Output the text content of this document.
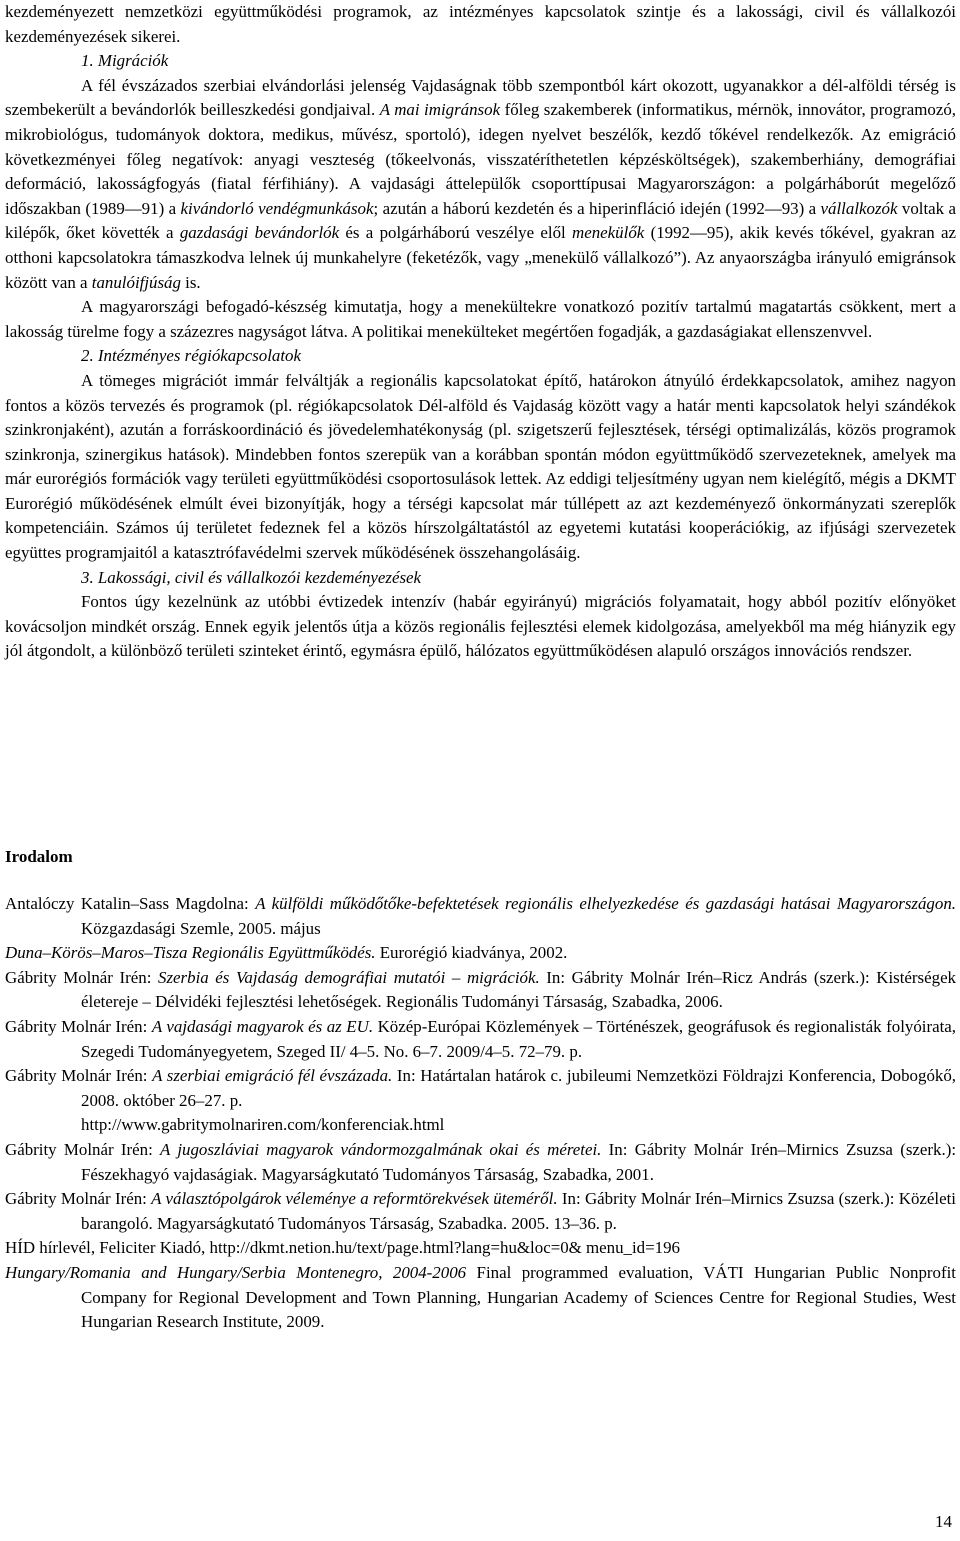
kezdeményezett nemzetközi együttműködési programok, az intézményes kapcsolatok szintje és a lakossági, civil és vállalkozói kezdeményezések sikerei.

1. Migrációk

A fél évszázados szerbiai elvándorlási jelenség Vajdaságnak több szempontból kárt okozott, ugyanakkor a dél-alföldi térség is szembekerült a bevándorlók beilleszkedési gondjaival. A mai imigránsok főleg szakemberek (informatikus, mérnök, innovátor, programozó, mikrobiológus, tudományok doktora, medikus, művész, sportoló), idegen nyelvet beszélők, kezdő tőkével rendelkezők. Az emigráció következményei főleg negatívok: anyagi veszteség (tőkeelvonás, visszatéríthetetlen képzésköltségek), szakemberhiány, demográfiai deformáció, lakosságfogyás (fiatal férfihiány). A vajdasági áttelepülők csoporttípusai Magyarországon: a polgárháborút megelőző időszakban (1989—91) a kivándorló vendégmunkások; azután a háború kezdetén és a hiperinfláció idején (1992—93) a vállalkozók voltak a kilépők, őket követték a gazdasági bevándorlók és a polgárháború veszélye elől menekülők (1992—95), akik kevés tőkével, gyakran az otthoni kapcsolatokra támaszkodva lelnek új munkahelyre (feketézők, vagy „menekülő vállalkozó”). Az anyaországba irányuló emigránsok között van a tanulóifjúság is.

A magyarországi befogadó-készség kimutatja, hogy a menekültekre vonatkozó pozitív tartalmú magatartás csökkent, mert a lakosság türelme fogy a százezres nagyságot látva. A politikai menekülteket megértően fogadják, a gazdaságiakat ellenszenvvel.

2. Intézményes régiókapcsolatok

A tömeges migrációt immár felváltják a regionális kapcsolatokat építő, határokon átnyúló érdekkapcsolatok, amihez nagyon fontos a közös tervezés és programok (pl. régiókapcsolatok Dél-alföld és Vajdaság között vagy a határ menti kapcsolatok helyi szándékok szinkronjaként), azután a forráskoordináció és jövedelemhatékonyság (pl. szigetszerű fejlesztések, térségi optimalizálás, közös programok szinkronja, szinergikus hatások). Mindebben fontos szerepük van a korábban spontán módon együttműködő szervezeteknek, amelyek ma már eurorégiós formációk vagy területi együttműködési csoportosulások lettek. Az eddigi teljesítmény ugyan nem kielégítő, mégis a DKMT Eurorégió működésének elmúlt évei bizonyítják, hogy a térségi kapcsolat már túllépett az azt kezdeményező önkormányzati szereplők kompetenciáin. Számos új területet fedeznek fel a közös hírszolgáltatástól az egyetemi kutatási kooperációkig, az ifjúsági szervezetek együttes programjaitól a katasztrófavédelmi szervek működésének összehangolásáig.

3. Lakossági, civil és vállalkozói kezdeményezések

Fontos úgy kezelnünk az utóbbi évtizedek intenzív (habár egyirányú) migrációs folyamatait, hogy abból pozitív előnyöket kovácsoljon mindkét ország. Ennek egyik jelentős útja a közös regionális fejlesztési elemek kidolgozása, amelyekből ma még hiányzik egy jól átgondolt, a különböző területi szinteket érintő, egymásra épülő, hálózatos együttműködésen alapuló országos innovációs rendszer.

Irodalom

Antalóczy Katalin–Sass Magdolna: A külföldi működőtőke-befektetések regionális elhelyezkedése és gazdasági hatásai Magyarországon. Közgazdasági Szemle, 2005. május

Duna–Körös–Maros–Tisza Regionális Együttműködés. Eurorégió kiadványa, 2002.

Gábrity Molnár Irén: Szerbia és Vajdaság demográfiai mutatói – migrációk. In: Gábrity Molnár Irén–Ricz András (szerk.): Kistérségek életereje – Délvidéki fejlesztési lehetőségek. Regionális Tudományi Társaság, Szabadka, 2006.

Gábrity Molnár Irén: A vajdasági magyarok és az EU. Közép-Európai Közlemények – Történészek, geográfusok és regionalisták folyóirata, Szegedi Tudományegyetem, Szeged II/ 4–5. No. 6–7. 2009/4–5. 72–79. p.

Gábrity Molnár Irén: A szerbiai emigráció fél évszázada. In: Határtalan határok c. jubileumi Nemzetközi Földrajzi Konferencia, Dobogókő, 2008. október 26–27. p.

http://www.gabritymolnariren.com/konferenciak.html

Gábrity Molnár Irén: A jugoszláviai magyarok vándormozgalmának okai és méretei. In: Gábrity Molnár Irén–Mirnics Zsuzsa (szerk.): Fészekhagyó vajdaságiak. Magyarságkutató Tudományos Társaság, Szabadka, 2001.

Gábrity Molnár Irén: A választópolgárok véleménye a reformtörekvések üteméről. In: Gábrity Molnár Irén–Mirnics Zsuzsa (szerk.): Közéleti barangoló. Magyarságkutató Tudományos Társaság, Szabadka. 2005. 13–36. p.

HÍD hírlevél, Feliciter Kiadó, http://dkmt.netion.hu/text/page.html?lang=hu&loc=0& menu_id=196

Hungary/Romania and Hungary/Serbia Montenegro, 2004-2006 Final programmed evaluation, VÁTI Hungarian Public Nonprofit Company for Regional Development and Town Planning, Hungarian Academy of Sciences Centre for Regional Studies, West Hungarian Research Institute, 2009.

14
